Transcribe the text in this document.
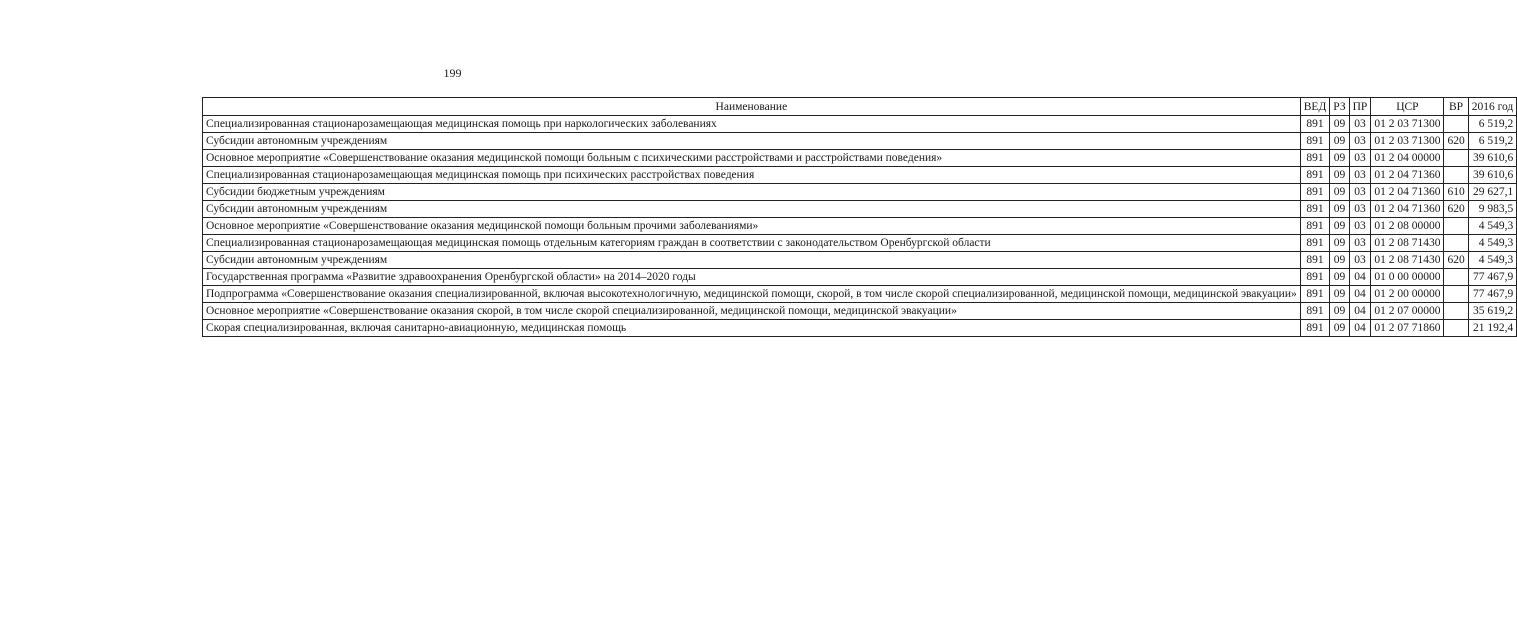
199
Наименование	ВЕД	РЗ	ПР	ЦСР	ВР	2016 год
Специализированная стационарозамещающая медицинская помощь при наркологических заболеваниях	891	09	03	01 2 03 71300		6 519,2
Субсидии автономным учреждениям	891	09	03	01 2 03 71300	620	6 519,2
Основное мероприятие «Совершенствование оказания медицинской помощи больным с психическими расстройствами и расстройствами поведения»	891	09	03	01 2 04 00000		39 610,6
Специализированная стационарозамещающая медицинская помощь при психических расстройствах поведения	891	09	03	01 2 04 71360		39 610,6
Субсидии бюджетным учреждениям	891	09	03	01 2 04 71360	610	29 627,1
Субсидии автономным учреждениям	891	09	03	01 2 04 71360	620	9 983,5
Основное мероприятие «Совершенствование оказания медицинской помощи больным прочими заболеваниями»	891	09	03	01 2 08 00000		4 549,3
Специализированная стационарозамещающая медицинская помощь отдельным категориям граждан в соответствии с законодательством Оренбургской области	891	09	03	01 2 08 71430		4 549,3
Субсидии автономным учреждениям	891	09	03	01 2 08 71430	620	4 549,3
Государственная программа «Развитие здравоохранения Оренбургской области» на 2014–2020 годы	891	09	04	01 0 00 00000		77 467,9
Подпрограмма «Совершенствование оказания специализированной, включая высокотехнологичную, медицинской помощи, скорой, в том числе скорой специализированной, медицинской помощи, медицинской эвакуации»	891	09	04	01 2 00 00000		77 467,9
Основное мероприятие «Совершенствование оказания скорой, в том числе скорой специализированной, медицинской помощи, медицинской эвакуации»	891	09	04	01 2 07 00000		35 619,2
Скорая специализированная, включая санитарно-авиационную, медицинская помощь	891	09	04	01 2 07 71860		21 192,4
